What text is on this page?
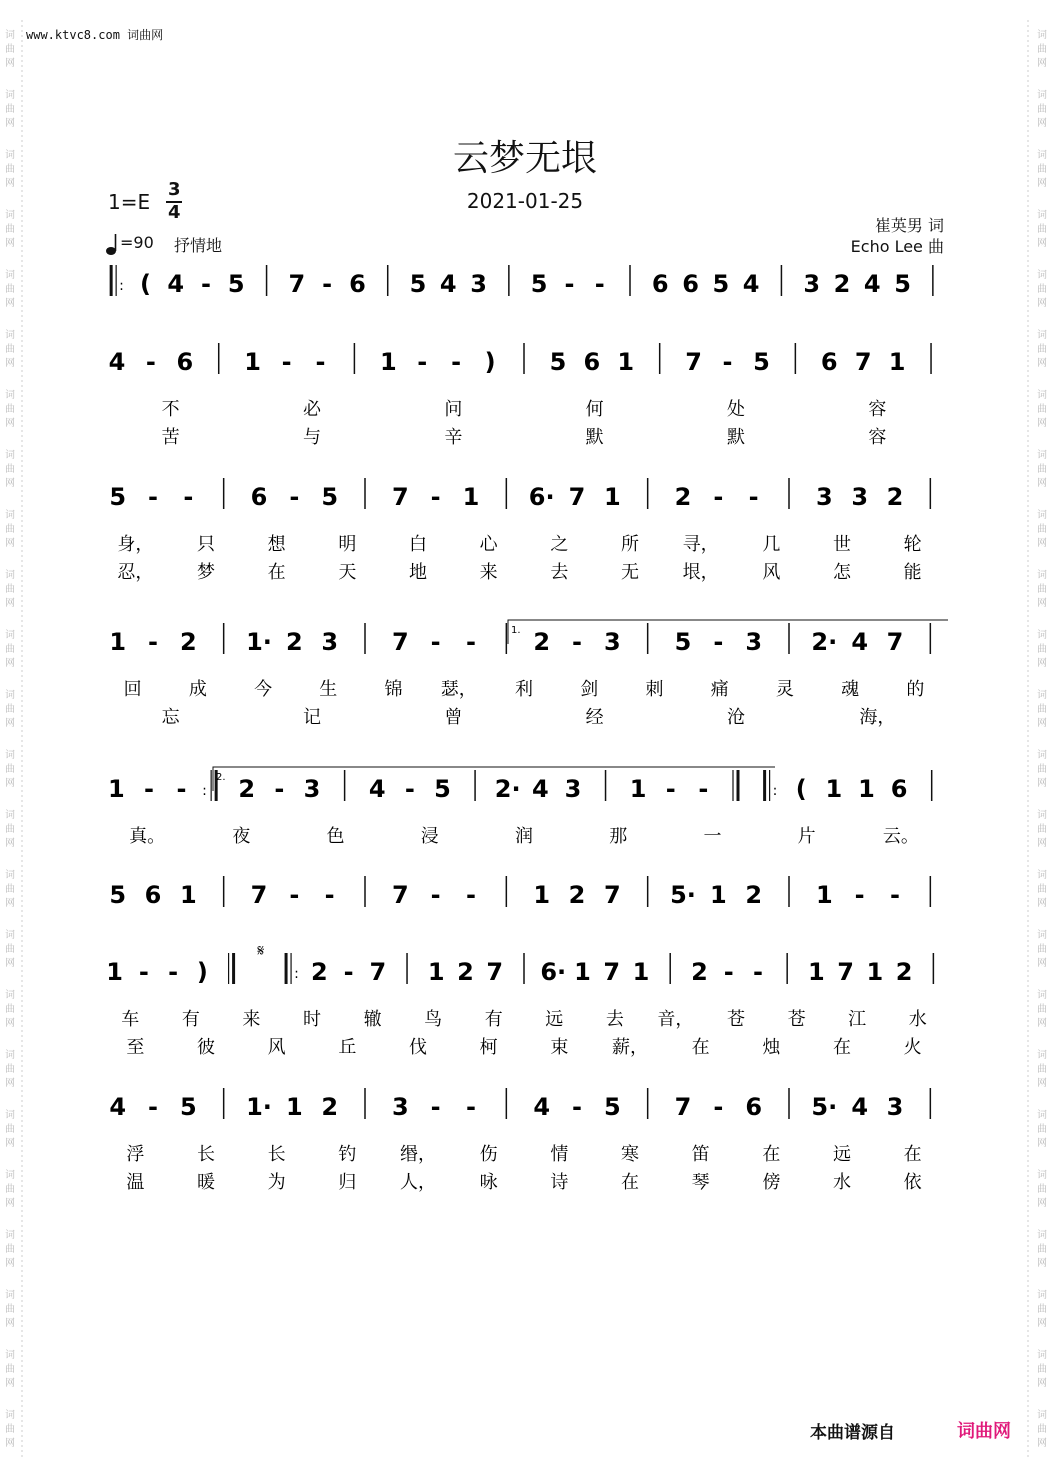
www.ktvc8.com 词曲网
云梦无垠
2021-01-25
1=E
3
4
=90 抒情地
崔英男 词
Echo Lee 曲
词	词
曲	曲
网	网
词	词
曲	曲
网	网
词	词
曲	曲
网	网
词	词
曲	曲
网	网
词	词
曲	曲
网	网
词	词
曲	曲
网	网
词	词
曲	曲
网	网
词	词
曲	曲
网	网
词	词
曲	曲
网	网
词	词
曲	曲
网	网
词	词
曲	曲
网	网
词	词
曲	曲
网	网
词	词
曲	曲
网	网
词	词
曲	曲
网	网
词	词
曲	曲
网	网
词	词
曲	曲
网	网
词	词
曲	曲
网	网
词	词
曲	曲
网	网
词	词
曲	曲
网	网
词	词
曲	曲
网	网
词	词
曲	曲
网	网
词	词
曲	曲
网	网
词	词
曲	曲
网	网
词	词
曲	曲
网	网
: ( 4 - 5 7 - 6 5 4 3 5 - - 6 6 5 4 3 2 4 5
4 - 6 1 - - 1 - - ) 5 6 1 7 - 5 6 7 1
不	必	问	何	处	容
苦	与	辛	默	默	容
5 - - 6 - 5 7 - 1 6· 7 1 2 - - 3 3 2
身， 只	想	明	白	心	之	所 寻， 几	世	轮
忍， 梦	在	天	地	来	去	无 垠， 风	怎	能
1 - 2 1· 2 3 7 - - 2 - 3 5 - 3 2· 4 7
1.
回	成	今	生	锦 瑟， 利	剑	刺	痛	灵	魂	的
忘	记	曾	经	沧	海，
1 - - : 2 - 3 4 - 5 2· 4 3 1 - -	: ( 1 1 6
2.
真。	夜	色	浸	润	那	一	片	云。
5 6 1 7 - - 7 - - 1 2 7 5· 1 2 1 - -
1 - - )
𝄋
: 2 - 7 1 2 7 6· 1 7 1 2 - - 1 7 1 2
车 有 来 时 辙 鸟 有 远 去 音， 苍 苍 江 水
至	彼	风	丘	伐	柯	束 薪， 在	烛	在	火
4 - 5 1· 1 2 3 - - 4 - 5 7 - 6 5· 4 3
浮	长	长	钓 缗， 伤	情	寒	笛	在	远	在
温	暖	为	归 人， 咏	诗	在	琴	傍	水	依
本曲谱源自	词曲网
